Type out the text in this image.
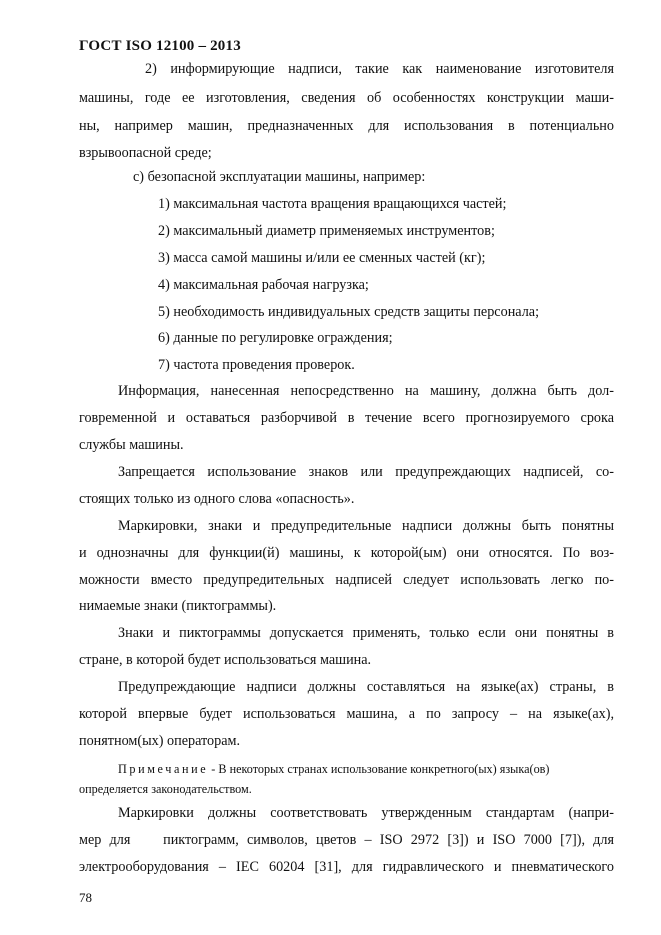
ГОСТ ISO 12100 – 2013
2) информирующие надписи, такие как наименование изготовителя
машины, годе ее изготовления, сведения об особенностях конструкции маши-
ны, например машин, предназначенных для использования в потенциально
взрывоопасной среде;
c) безопасной эксплуатации машины, например:
1) максимальная частота вращения вращающихся частей;
2) максимальный диаметр применяемых инструментов;
3) масса самой машины и/или ее сменных частей (кг);
4) максимальная рабочая нагрузка;
5) необходимость индивидуальных средств защиты персонала;
6) данные по регулировке ограждения;
7) частота проведения проверок.
Информация, нанесенная непосредственно на машину, должна быть дол-
говременной и оставаться разборчивой в течение всего прогнозируемого срока
службы машины.
Запрещается использование знаков или предупреждающих надписей, со-
стоящих только из одного слова «опасность».
Маркировки, знаки и предупредительные надписи должны быть понятны
и однозначны для функции(й) машины, к которой(ым) они относятся. По воз-
можности вместо предупредительных надписей следует использовать легко по-
нимаемые знаки (пиктограммы).
Знаки и пиктограммы допускается применять, только если они понятны в
стране, в которой будет использоваться машина.
Предупреждающие надписи должны составляться на языке(ах) страны, в
которой впервые будет использоваться машина, а по запросу – на языке(ах),
понятном(ых) операторам.
Примечание - В некоторых странах использование конкретного(ых) языка(ов)
определяется законодательством.
Маркировки должны соответствовать утвержденным стандартам (напри-
мер для    пиктограмм, символов, цветов – ISO 2972 [3]) и ISO 7000 [7]), для
электрооборудования – IEC 60204 [31], для гидравлического и пневматического
78
